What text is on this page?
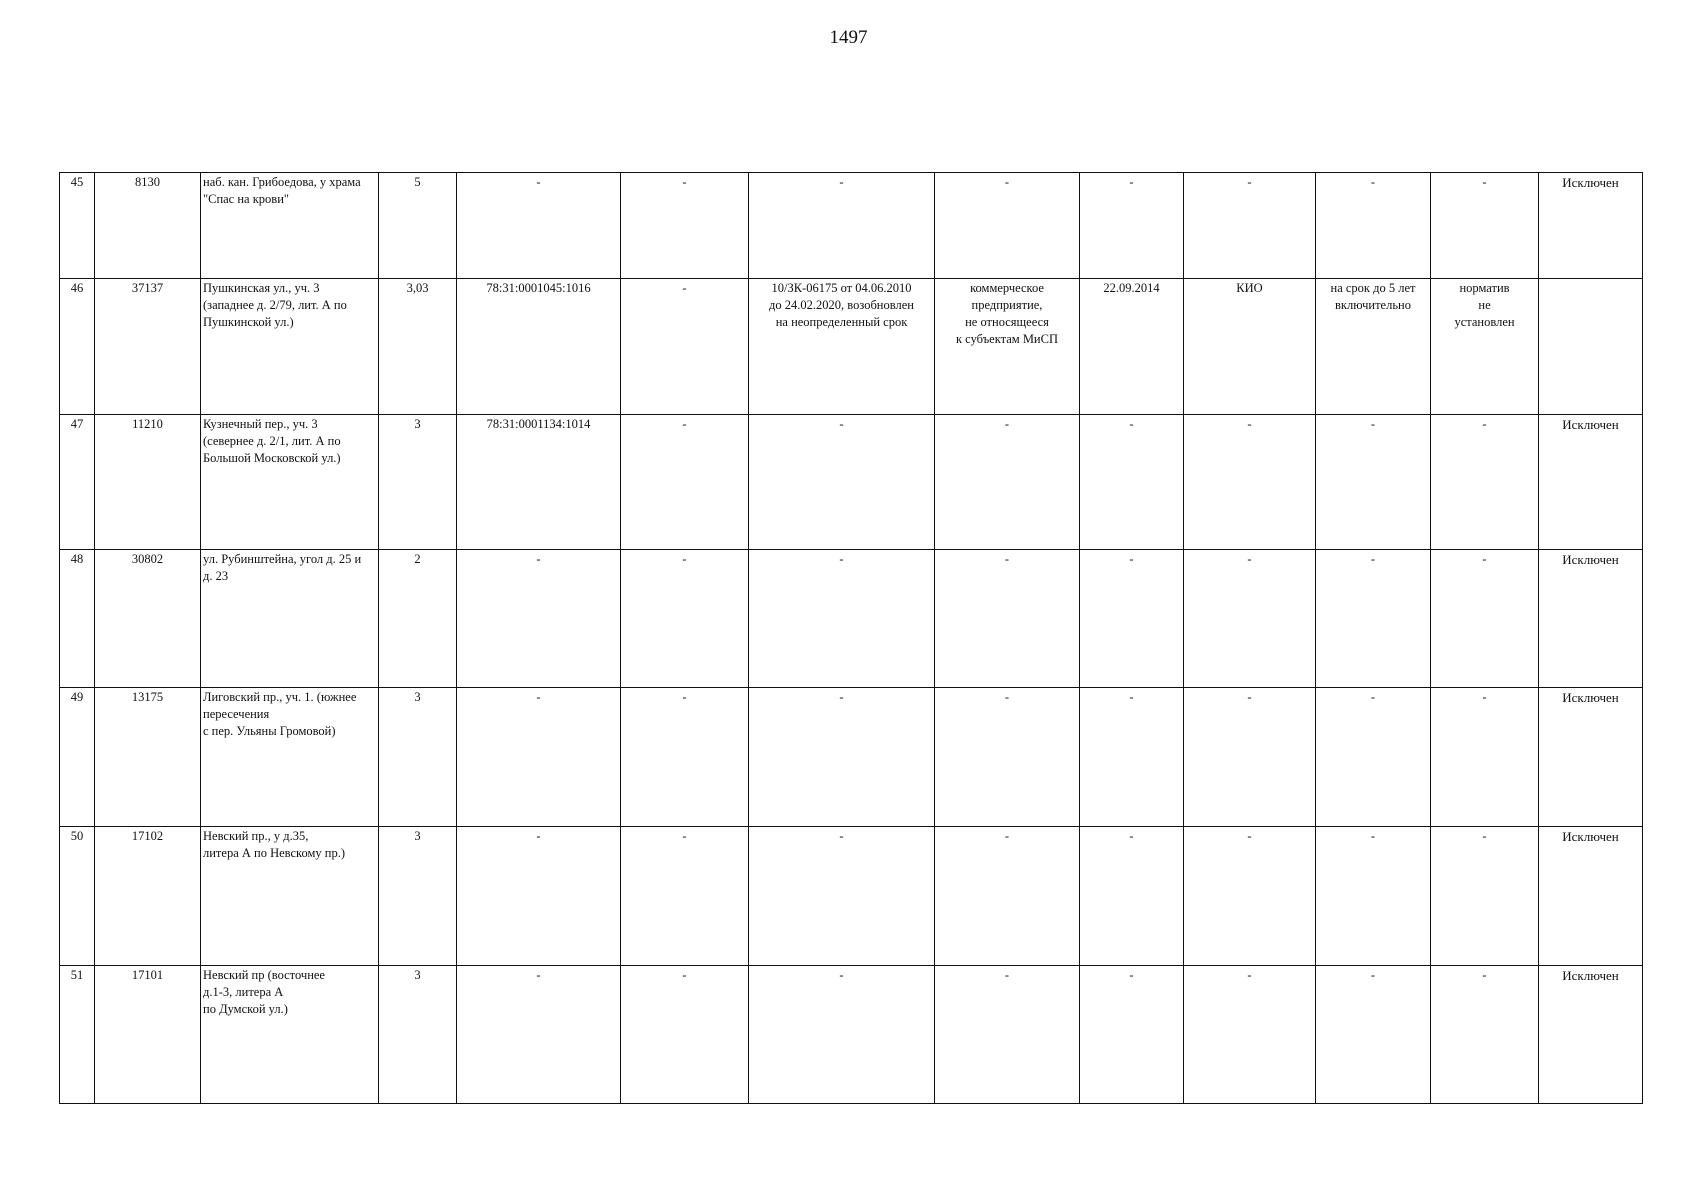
1497
45	8130	наб. кан. Грибоедова, у храма
"Спас на крови"	5	-	-	-	-	-	-	-	-	Исключен
46	37137	Пушкинская ул., уч. 3
(западнее д. 2/79, лит. А по
Пушкинской ул.)	3,03	78:31:0001045:1016	-	10/ЗК-06175 от 04.06.2010
до 24.02.2020, возобновлен
на неопределенный срок	коммерческое
предприятие,
не относящееся
к субъектам МиСП	22.09.2014	КИО	на срок до 5 лет
включительно	норматив
не
установлен	
47	11210	Кузнечный пер., уч. 3
(севернее д. 2/1, лит. А по
Большой Московской ул.)	3	78:31:0001134:1014	-	-	-	-	-	-	-	Исключен
48	30802	ул. Рубинштейна, угол д. 25 и
д. 23	2	-	-	-	-	-	-	-	-	Исключен
49	13175	Лиговский пр., уч. 1. (южнее
пересечения
с пер. Ульяны Громовой)	3	-	-	-	-	-	-	-	-	Исключен
50	17102	Невский пр., у д.35,
литера А по Невскому пр.)	3	-	-	-	-	-	-	-	-	Исключен
51	17101	Невский пр (восточнее
д.1-3, литера А
по Думской ул.)	3	-	-	-	-	-	-	-	-	Исключен
